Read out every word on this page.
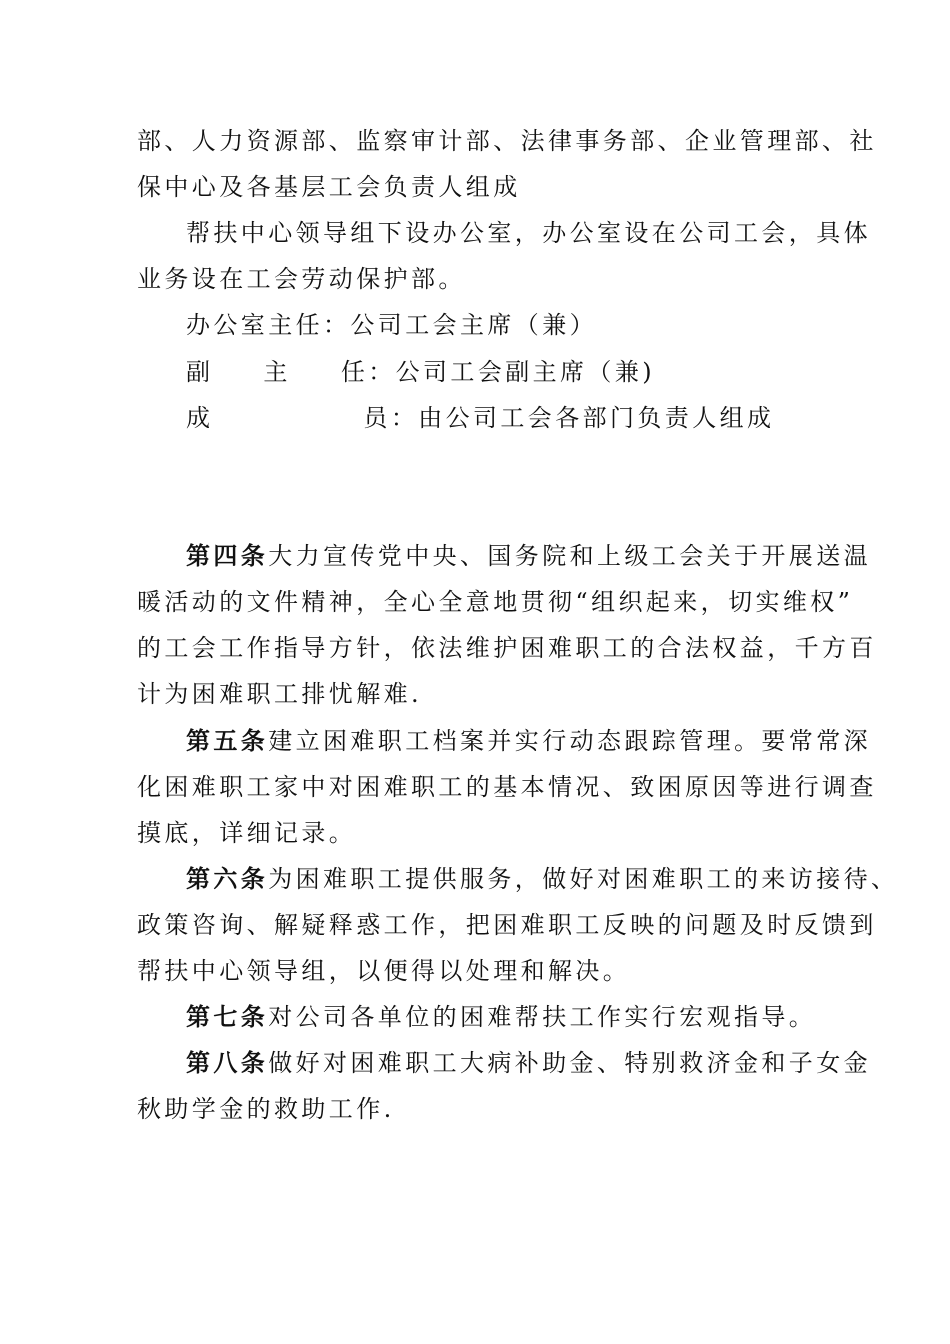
部、人力资源部、监察审计部、法律事务部、企业管理部、社
保中心及各基层工会负责人组成
帮扶中心领导组下设办公室，办公室设在公司工会，具体
业务设在工会劳动保护部。
办公室主任：公司工会主席（兼）
副 主 任：公司工会副主席（兼)
成	员：由公司工会各部门负责人组成
第四条大力宣传党中央、国务院和上级工会关于开展送温
暖活动的文件精神，全心全意地贯彻“组织起来，切实维权”
的工会工作指导方针，依法维护困难职工的合法权益，千方百
计为困难职工排忧解难.
第五条建立困难职工档案并实行动态跟踪管理。要常常深
化困难职工家中对困难职工的基本情况、致困原因等进行调查
摸底，详细记录。
第六条为困难职工提供服务，做好对困难职工的来访接待、
政策咨询、解疑释惑工作，把困难职工反映的问题及时反馈到
帮扶中心领导组，以便得以处理和解决。
第七条对公司各单位的困难帮扶工作实行宏观指导。
第八条做好对困难职工大病补助金、特别救济金和子女金
秋助学金的救助工作.
